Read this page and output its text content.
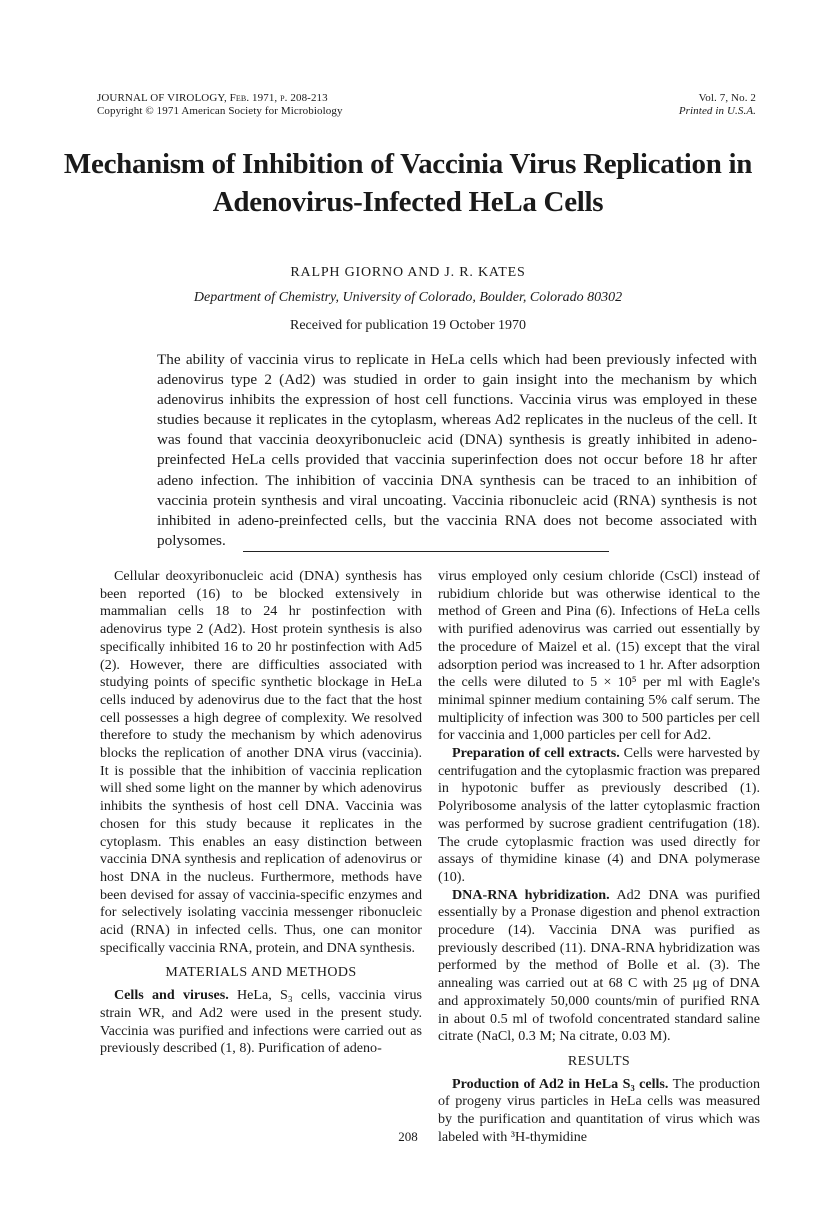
JOURNAL OF VIROLOGY, Feb. 1971, p. 208-213
Copyright © 1971 American Society for Microbiology
Vol. 7, No. 2
Printed in U.S.A.
Mechanism of Inhibition of Vaccinia Virus Replication in Adenovirus-Infected HeLa Cells
RALPH GIORNO AND J. R. KATES
Department of Chemistry, University of Colorado, Boulder, Colorado 80302
Received for publication 19 October 1970
The ability of vaccinia virus to replicate in HeLa cells which had been previously infected with adenovirus type 2 (Ad2) was studied in order to gain insight into the mechanism by which adenovirus inhibits the expression of host cell functions. Vaccinia virus was employed in these studies because it replicates in the cytoplasm, whereas Ad2 replicates in the nucleus of the cell. It was found that vaccinia deoxyribonucleic acid (DNA) synthesis is greatly inhibited in adeno-preinfected HeLa cells provided that vaccinia superinfection does not occur before 18 hr after adeno infection. The inhibition of vaccinia DNA synthesis can be traced to an inhibition of vaccinia protein synthesis and viral uncoating. Vaccinia ribonucleic acid (RNA) synthesis is not inhibited in adeno-preinfected cells, but the vaccinia RNA does not become associated with polysomes.

Cellular deoxyribonucleic acid (DNA) synthesis has been reported (16) to be blocked extensively in mammalian cells 18 to 24 hr postinfection with adenovirus type 2 (Ad2). Host protein synthesis is also specifically inhibited 16 to 20 hr postinfection with Ad5 (2). However, there are difficulties associated with studying points of specific synthetic blockage in HeLa cells induced by adenovirus due to the fact that the host cell possesses a high degree of complexity. We resolved therefore to study the mechanism by which adenovirus blocks the replication of another DNA virus (vaccinia). It is possible that the inhibition of vaccinia replication will shed some light on the manner by which adenovirus inhibits the synthesis of host cell DNA. Vaccinia was chosen for this study because it replicates in the cytoplasm. This enables an easy distinction between vaccinia DNA synthesis and replication of adenovirus or host DNA in the nucleus. Furthermore, methods have been devised for assay of vaccinia-specific enzymes and for selectively isolating vaccinia messenger ribonucleic acid (RNA) in infected cells. Thus, one can monitor specifically vaccinia RNA, protein, and DNA synthesis.

MATERIALS AND METHODS

Cells and viruses. HeLa, S₃ cells, vaccinia virus strain WR, and Ad2 were used in the present study. Vaccinia was purified and infections were carried out as previously described (1, 8). Purification of adeno-

virus employed only cesium chloride (CsCl) instead of rubidium chloride but was otherwise identical to the method of Green and Pina (6). Infections of HeLa cells with purified adenovirus was carried out essentially by the procedure of Maizel et al. (15) except that the viral adsorption period was increased to 1 hr. After adsorption the cells were diluted to 5 × 10⁵ per ml with Eagle's minimal spinner medium containing 5% calf serum. The multiplicity of infection was 300 to 500 particles per cell for vaccinia and 1,000 particles per cell for Ad2.

Preparation of cell extracts. Cells were harvested by centrifugation and the cytoplasmic fraction was prepared in hypotonic buffer as previously described (1). Polyribosome analysis of the latter cytoplasmic fraction was performed by sucrose gradient centrifugation (18). The crude cytoplasmic fraction was used directly for assays of thymidine kinase (4) and DNA polymerase (10).

DNA-RNA hybridization. Ad2 DNA was purified essentially by a Pronase digestion and phenol extraction procedure (14). Vaccinia DNA was purified as previously described (11). DNA-RNA hybridization was performed by the method of Bolle et al. (3). The annealing was carried out at 68 C with 25 μg of DNA and approximately 50,000 counts/min of purified RNA in about 0.5 ml of twofold concentrated standard saline citrate (NaCl, 0.3 M; Na citrate, 0.03 M).

RESULTS

Production of Ad2 in HeLa S₃ cells. The production of progeny virus particles in HeLa cells was measured by the purification and quantitation of virus which was labeled with ³H-thymidine

208
